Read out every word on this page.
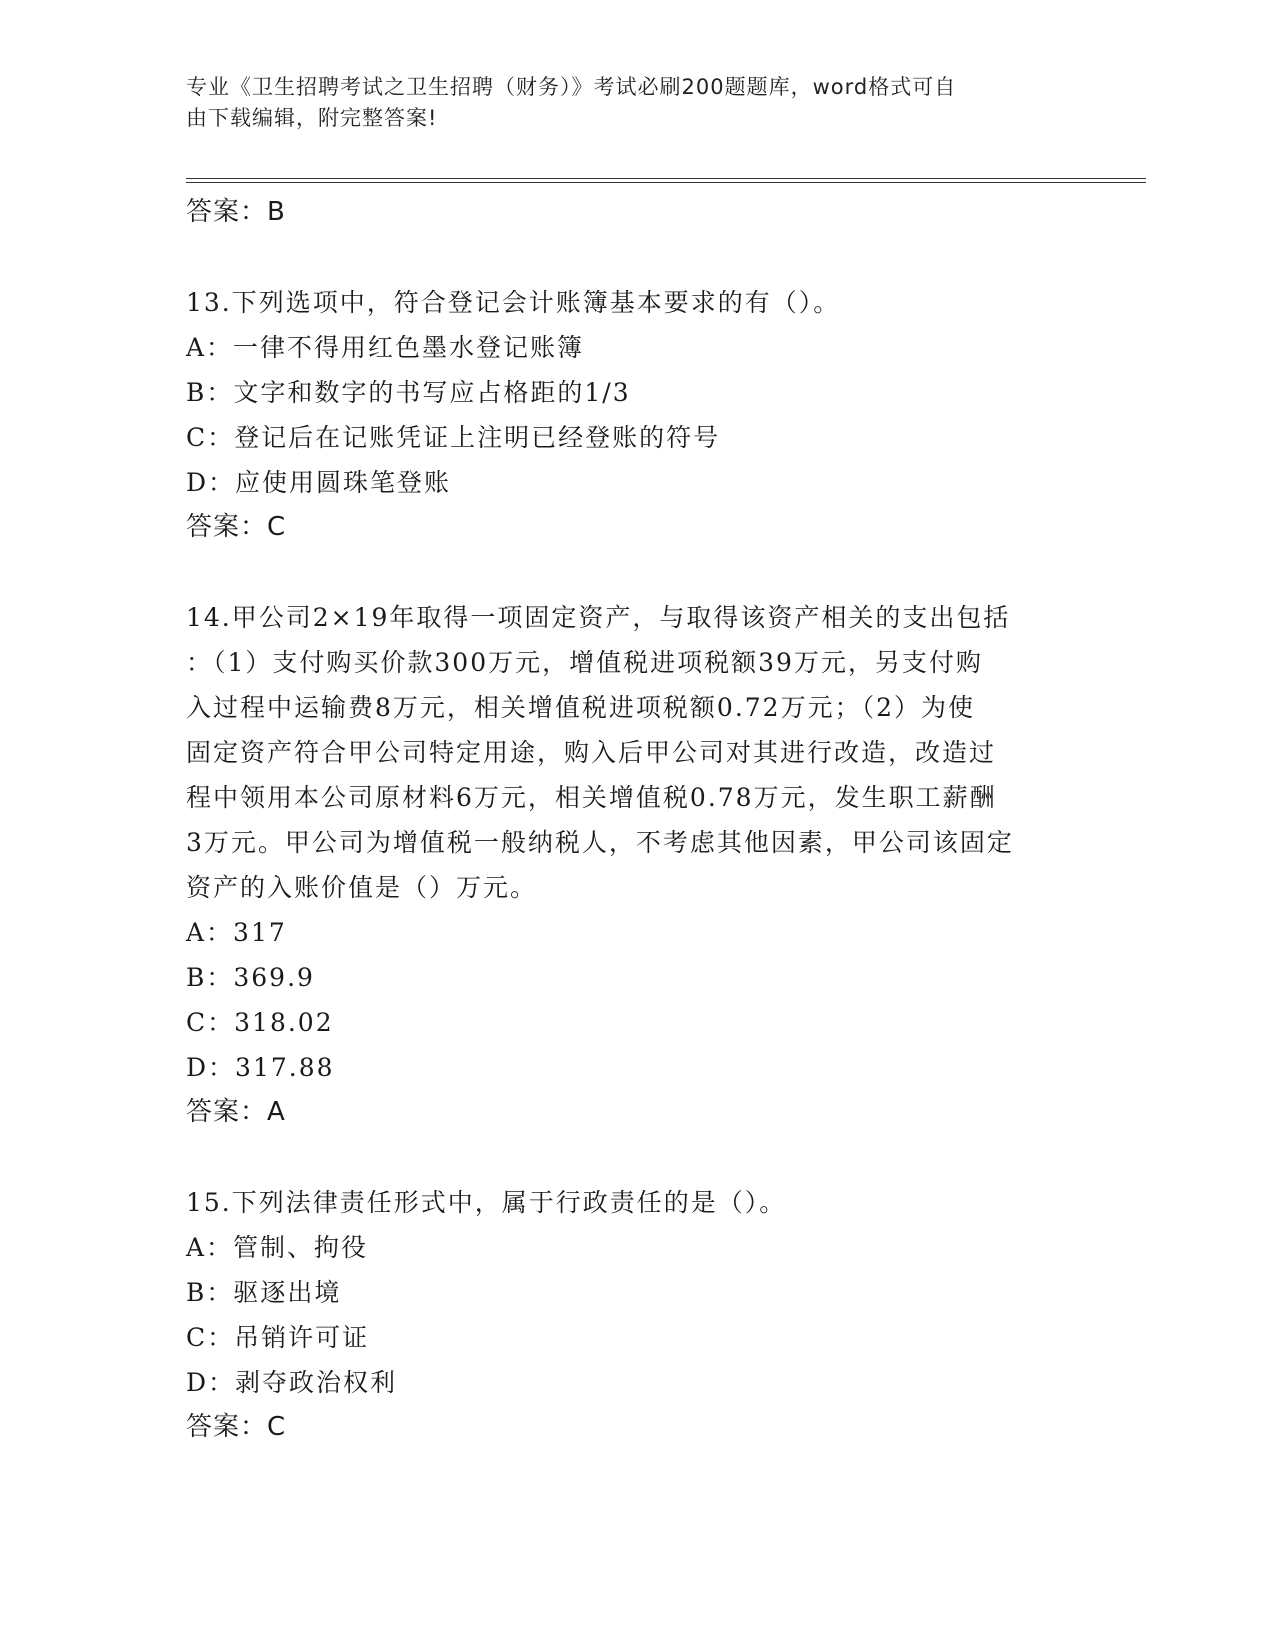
专业《卫生招聘考试之卫生招聘（财务）》考试必刷200题题库，word格式可自
由下载编辑，附完整答案!
答案：B
13.下列选项中，符合登记会计账簿基本要求的有（）。
A：一律不得用红色墨水登记账簿
B：文字和数字的书写应占格距的1/3
C：登记后在记账凭证上注明已经登账的符号
D：应使用圆珠笔登账
答案：C
14.甲公司2×19年取得一项固定资产，与取得该资产相关的支出包括
：（1）支付购买价款300万元，增值税进项税额39万元，另支付购
入过程中运输费8万元，相关增值税进项税额0.72万元；（2）为使
固定资产符合甲公司特定用途，购入后甲公司对其进行改造，改造过
程中领用本公司原材料6万元，相关增值税0.78万元，发生职工薪酬
3万元。甲公司为增值税一般纳税人，不考虑其他因素，甲公司该固定
资产的入账价值是（）万元。
A：317
B：369.9
C：318.02
D：317.88
答案：A
15.下列法律责任形式中，属于行政责任的是（）。
A：管制、拘役
B：驱逐出境
C：吊销许可证
D：剥夺政治权利
答案：C
